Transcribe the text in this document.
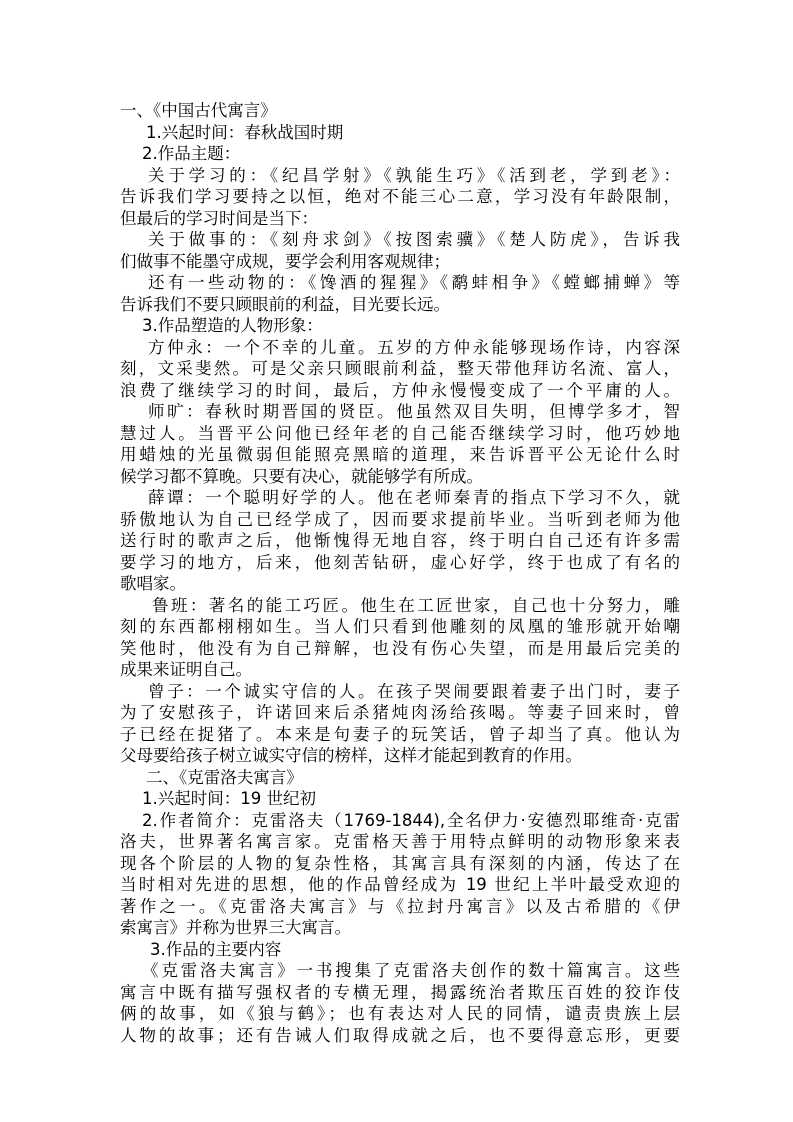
一、《中国古代寓言》
1.兴起时间：春秋战国时期
2.作品主题：
关于学习的：《纪昌学射》《孰能生巧》《活到老，学到老》：
告诉我们学习要持之以恒，绝对不能三心二意，学习没有年龄限制，
但最后的学习时间是当下：
关于做事的：《刻舟求剑》《按图索骥》《楚人防虎》，告诉我
们做事不能墨守成规，要学会利用客观规律；
还有一些动物的：《馋酒的猩猩》《鹬蚌相争》《螳螂捕蝉》等
告诉我们不要只顾眼前的利益，目光要长远。
3.作品塑造的人物形象：
方仲永：一个不幸的儿童。五岁的方仲永能够现场作诗，内容深
刻，文采斐然。可是父亲只顾眼前利益，整天带他拜访名流、富人，
浪费了继续学习的时间，最后，方仲永慢慢变成了一个平庸的人。
师旷：春秋时期晋国的贤臣。他虽然双目失明，但博学多才，智
慧过人。当晋平公问他已经年老的自己能否继续学习时，他巧妙地
用蜡烛的光虽微弱但能照亮黑暗的道理，来告诉晋平公无论什么时
候学习都不算晚。只要有决心，就能够学有所成。
薛谭：一个聪明好学的人。他在老师秦青的指点下学习不久，就
骄傲地认为自己已经学成了，因而要求提前毕业。当听到老师为他
送行时的歌声之后，他惭愧得无地自容，终于明白自己还有许多需
要学习的地方，后来，他刻苦钻研，虚心好学，终于也成了有名的
歌唱家。
鲁班：著名的能工巧匠。他生在工匠世家，自己也十分努力，雕
刻的东西都栩栩如生。当人们只看到他雕刻的凤凰的雏形就开始嘲
笑他时，他没有为自己辩解，也没有伤心失望，而是用最后完美的
成果来证明自己。
曾子：一个诚实守信的人。在孩子哭闹要跟着妻子出门时，妻子
为了安慰孩子，许诺回来后杀猪炖肉汤给孩喝。等妻子回来时，曾
子已经在捉猪了。本来是句妻子的玩笑话，曾子却当了真。他认为
父母要给孩子树立诚实守信的榜样，这样才能起到教育的作用。
二、《克雷洛夫寓言》
1.兴起时间：19 世纪初
2.作者简介：克雷洛夫（1769-1844),全名伊力·安德烈耶维奇·克雷
洛夫，世界著名寓言家。克雷格天善于用特点鲜明的动物形象来表
现各个阶层的人物的复杂性格，其寓言具有深刻的内涵，传达了在
当时相对先进的思想，他的作品曾经成为 19 世纪上半叶最受欢迎的
著作之一。《克雷洛夫寓言》与《拉封丹寓言》以及古希腊的《伊
索寓言》并称为世界三大寓言。
3.作品的主要内容
《克雷洛夫寓言》一书搜集了克雷洛夫创作的数十篇寓言。这些
寓言中既有描写强权者的专横无理，揭露统治者欺压百姓的狡诈伎
俩的故事，如《狼与鹤》；也有表达对人民的同情，谴责贵族上层
人物的故事；还有告诫人们取得成就之后，也不要得意忘形，更要
